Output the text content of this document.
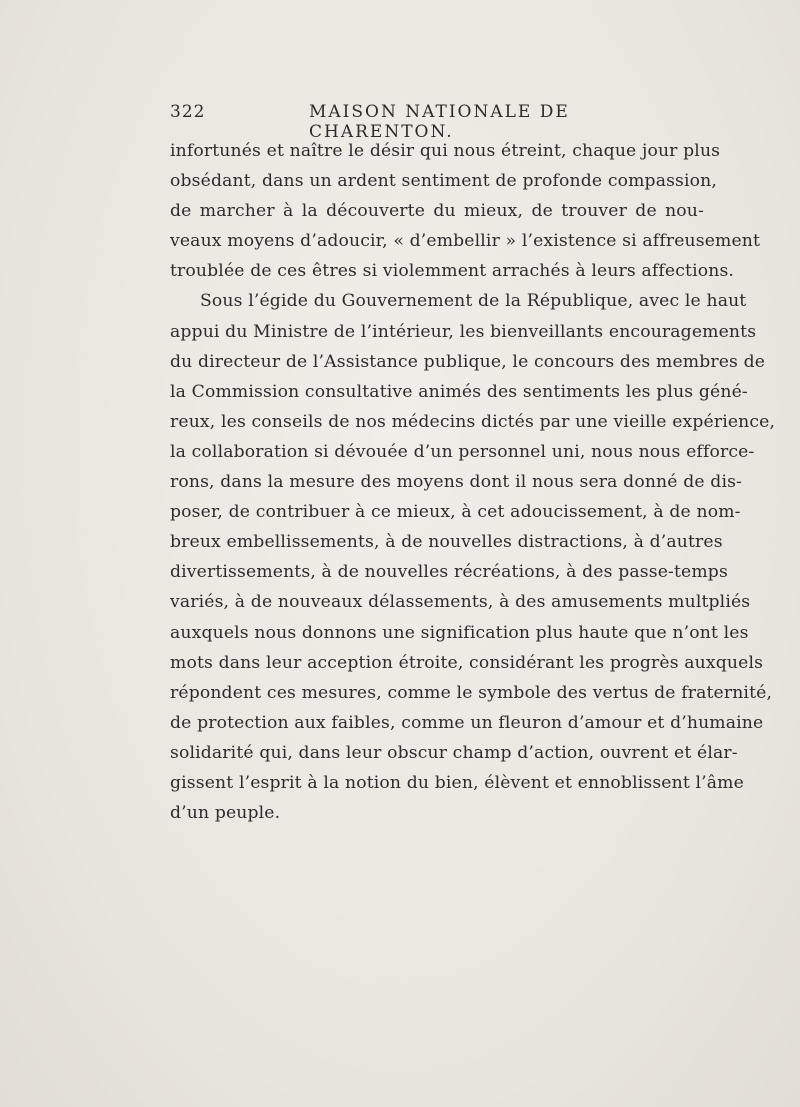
322	MAISON NATIONALE DE CHARENTON.
infortunés et naître le désir qui nous étreint, chaque jour plus
obsédant, dans un ardent sentiment de profonde compassion,
de marcher à la découverte du mieux, de trouver de nou-
veaux moyens d’adoucir, « d’embellir » l’existence si affreusement
troublée de ces êtres si violemment arrachés à leurs affections.
Sous l’égide du Gouvernement de la République, avec le haut
appui du Ministre de l’intérieur, les bienveillants encouragements
du directeur de l’Assistance publique, le concours des membres de
la Commission consultative animés des sentiments les plus géné-
reux, les conseils de nos médecins dictés par une vieille expérience,
la collaboration si dévouée d’un personnel uni, nous nous efforce-
rons, dans la mesure des moyens dont il nous sera donné de dis-
poser, de contribuer à ce mieux, à cet adoucissement, à de nom-
breux embellissements, à de nouvelles distractions, à d’autres
divertissements, à de nouvelles récréations, à des passe-temps
variés, à de nouveaux délassements, à des amusements multpliés
auxquels nous donnons une signification plus haute que n’ont les
mots dans leur acception étroite, considérant les progrès auxquels
répondent ces mesures, comme le symbole des vertus de fraternité,
de protection aux faibles, comme un fleuron d’amour et d’humaine
solidarité qui, dans leur obscur champ d’action, ouvrent et élar-
gissent l’esprit à la notion du bien, élèvent et ennoblissent l’âme
d’un peuple.
